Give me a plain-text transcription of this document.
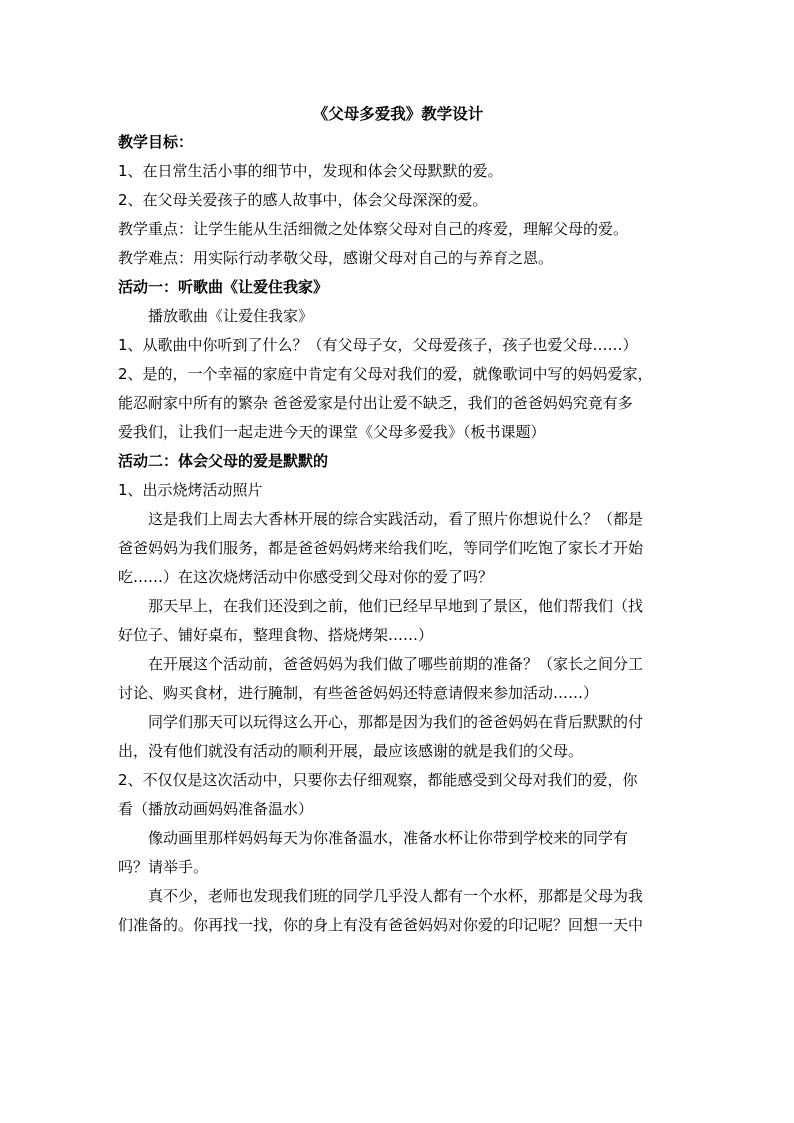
《父母多爱我》教学设计
教学目标：
1、在日常生活小事的细节中，发现和体会父母默默的爱。
2、在父母关爱孩子的感人故事中，体会父母深深的爱。
教学重点：让学生能从生活细微之处体察父母对自己的疼爱，理解父母的爱。
教学难点：用实际行动孝敬父母，感谢父母对自己的与养育之恩。
活动一：听歌曲《让爱住我家》
播放歌曲《让爱住我家》
1、从歌曲中你听到了什么？（有父母子女，父母爱孩子，孩子也爱父母……）
2、是的，一个幸福的家庭中肯定有父母对我们的爱，就像歌词中写的妈妈爱家，
能忍耐家中所有的繁杂 爸爸爱家是付出让爱不缺乏，我们的爸爸妈妈究竟有多
爱我们，让我们一起走进今天的课堂《父母多爱我》（板书课题）
活动二：体会父母的爱是默默的
1、出示烧烤活动照片
这是我们上周去大香林开展的综合实践活动，看了照片你想说什么？（都是
爸爸妈妈为我们服务，都是爸爸妈妈烤来给我们吃，等同学们吃饱了家长才开始
吃……）在这次烧烤活动中你感受到父母对你的爱了吗？
那天早上，在我们还没到之前，他们已经早早地到了景区，他们帮我们（找
好位子、铺好桌布，整理食物、搭烧烤架……）
在开展这个活动前，爸爸妈妈为我们做了哪些前期的准备？（家长之间分工
讨论、购买食材，进行腌制，有些爸爸妈妈还特意请假来参加活动……）
同学们那天可以玩得这么开心，那都是因为我们的爸爸妈妈在背后默默的付
出，没有他们就没有活动的顺利开展，最应该感谢的就是我们的父母。
2、不仅仅是这次活动中，只要你去仔细观察，都能感受到父母对我们的爱，你
看（播放动画妈妈准备温水）
像动画里那样妈妈每天为你准备温水，准备水杯让你带到学校来的同学有
吗？请举手。
真不少，老师也发现我们班的同学几乎没人都有一个水杯，那都是父母为我
们准备的。你再找一找，你的身上有没有爸爸妈妈对你爱的印记呢？回想一天中
